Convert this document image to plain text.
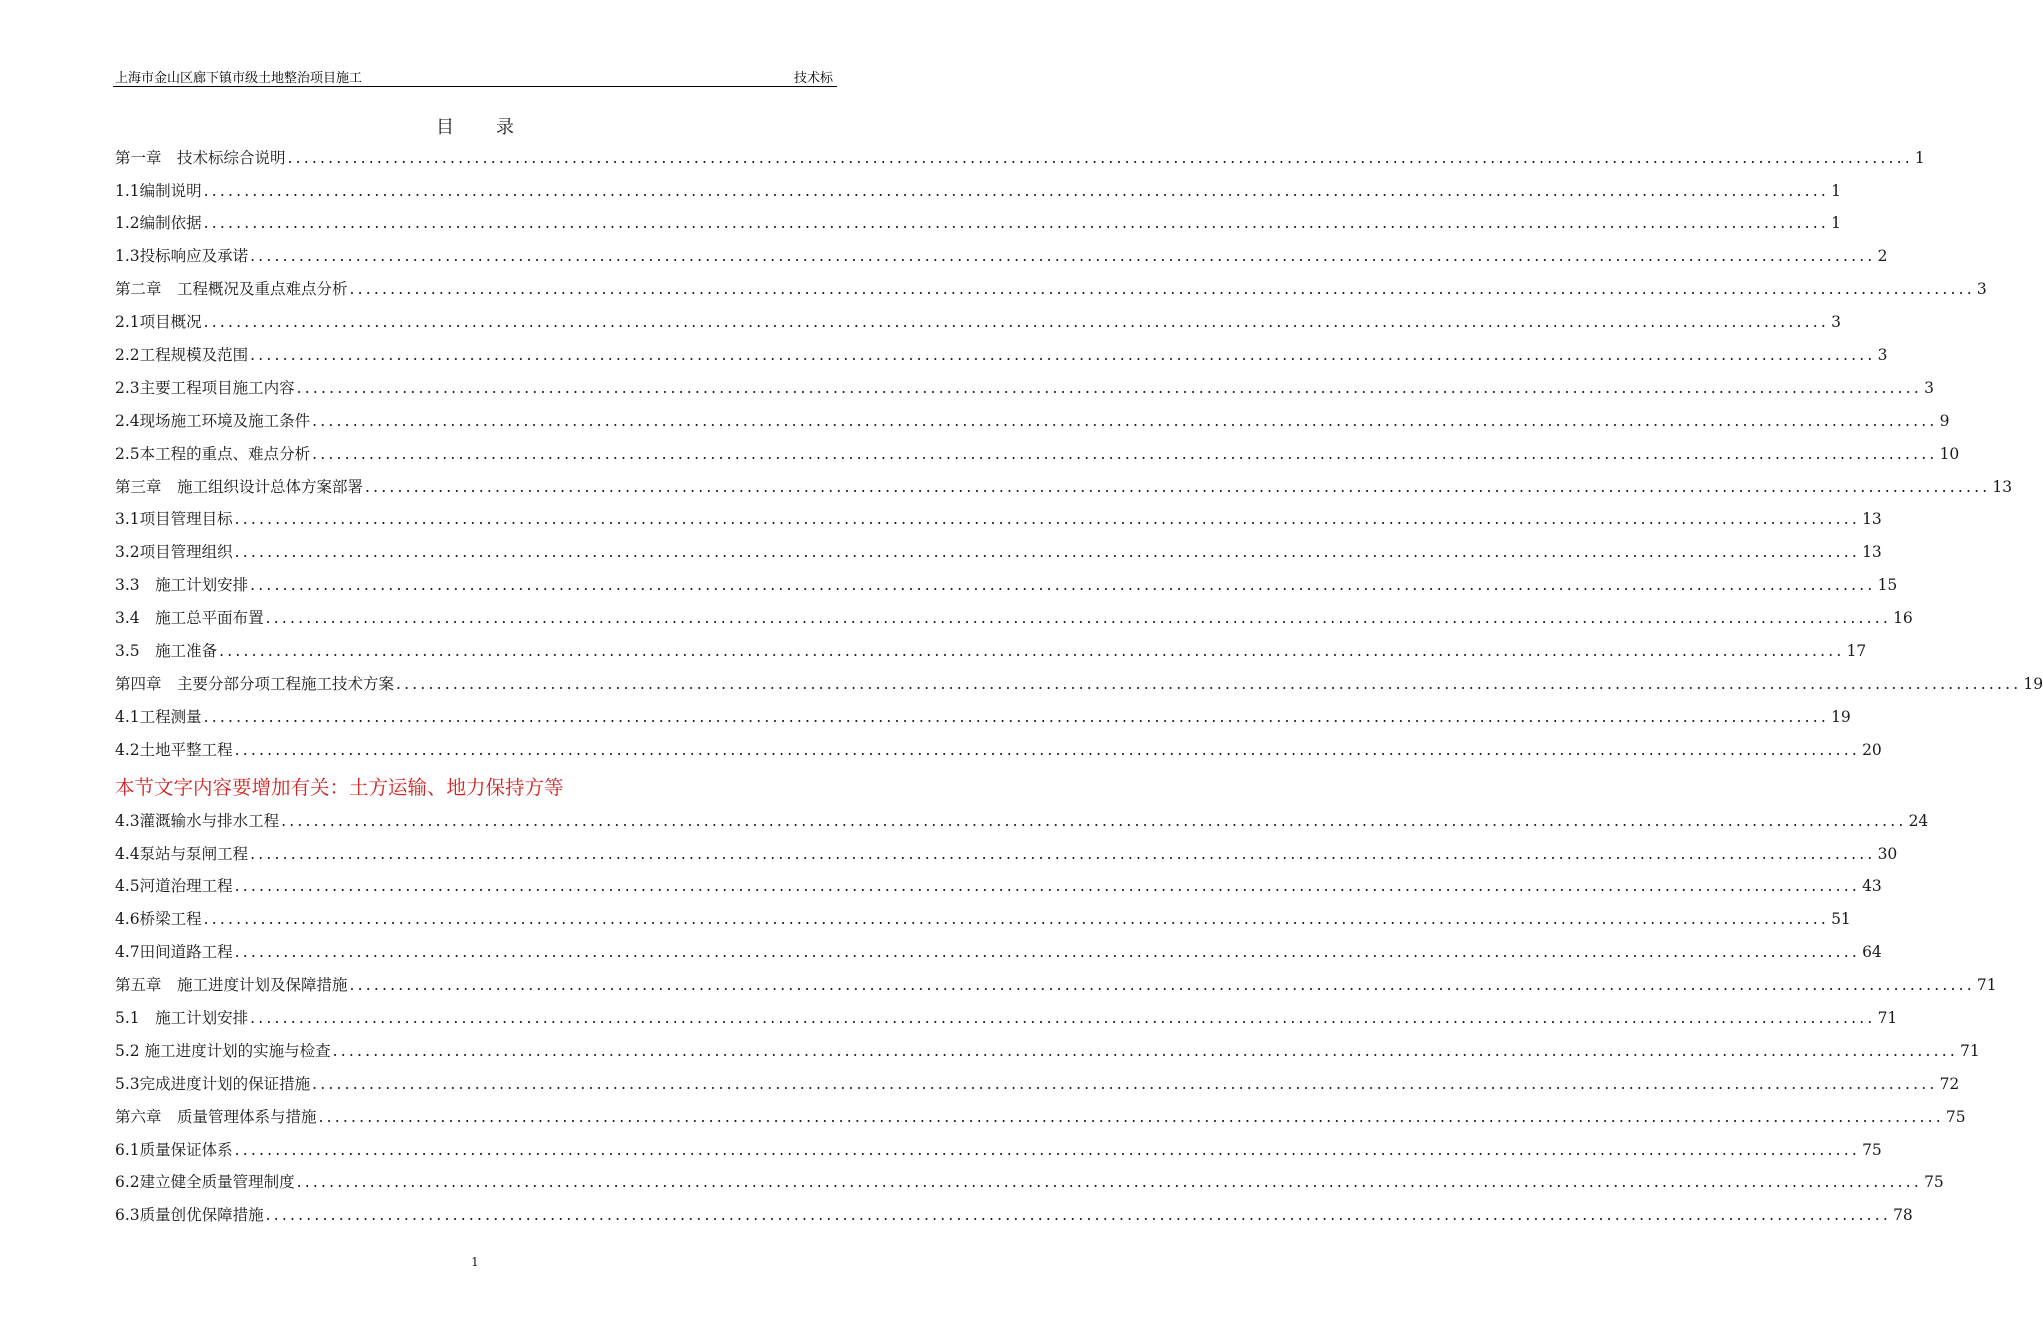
上海市金山区廊下镇市级土地整治项目施工	技术标
目录
第一章　技术标综合说明 ........................................................................................................................................................................................................ 1
1.1编制说明 ........................................................................................................................................................................................................ 1
1.2编制依据 ........................................................................................................................................................................................................ 1
1.3投标响应及承诺 ........................................................................................................................................................................................................ 2
第二章　工程概况及重点难点分析 ........................................................................................................................................................................................................ 3
2.1项目概况 ........................................................................................................................................................................................................ 3
2.2工程规模及范围 ........................................................................................................................................................................................................ 3
2.3主要工程项目施工内容 ........................................................................................................................................................................................................ 3
2.4现场施工环境及施工条件 ........................................................................................................................................................................................................ 9
2.5本工程的重点、难点分析 ........................................................................................................................................................................................................ 10
第三章　施工组织设计总体方案部署 ........................................................................................................................................................................................................ 13
3.1项目管理目标 ........................................................................................................................................................................................................ 13
3.2项目管理组织 ........................................................................................................................................................................................................ 13
3.3　施工计划安排 ........................................................................................................................................................................................................ 15
3.4　施工总平面布置 ........................................................................................................................................................................................................ 16
3.5　施工准备 ........................................................................................................................................................................................................ 17
第四章　主要分部分项工程施工技术方案 ........................................................................................................................................................................................................ 19
4.1工程测量 ........................................................................................................................................................................................................ 19
4.2土地平整工程 ........................................................................................................................................................................................................ 20
本节文字内容要增加有关：土方运输、地力保持方等
4.3灌溉输水与排水工程 ........................................................................................................................................................................................................ 24
4.4泵站与泵闸工程 ........................................................................................................................................................................................................ 30
4.5河道治理工程 ........................................................................................................................................................................................................ 43
4.6桥梁工程 ........................................................................................................................................................................................................ 51
4.7田间道路工程 ........................................................................................................................................................................................................ 64
第五章　施工进度计划及保障措施 ........................................................................................................................................................................................................ 71
5.1　施工计划安排 ........................................................................................................................................................................................................ 71
5.2 施工进度计划的实施与检查 ........................................................................................................................................................................................................ 71
5.3完成进度计划的保证措施 ........................................................................................................................................................................................................ 72
第六章　质量管理体系与措施 ........................................................................................................................................................................................................ 75
6.1质量保证体系 ........................................................................................................................................................................................................ 75
6.2建立健全质量管理制度 ........................................................................................................................................................................................................ 75
6.3质量创优保障措施 ........................................................................................................................................................................................................ 78
1
